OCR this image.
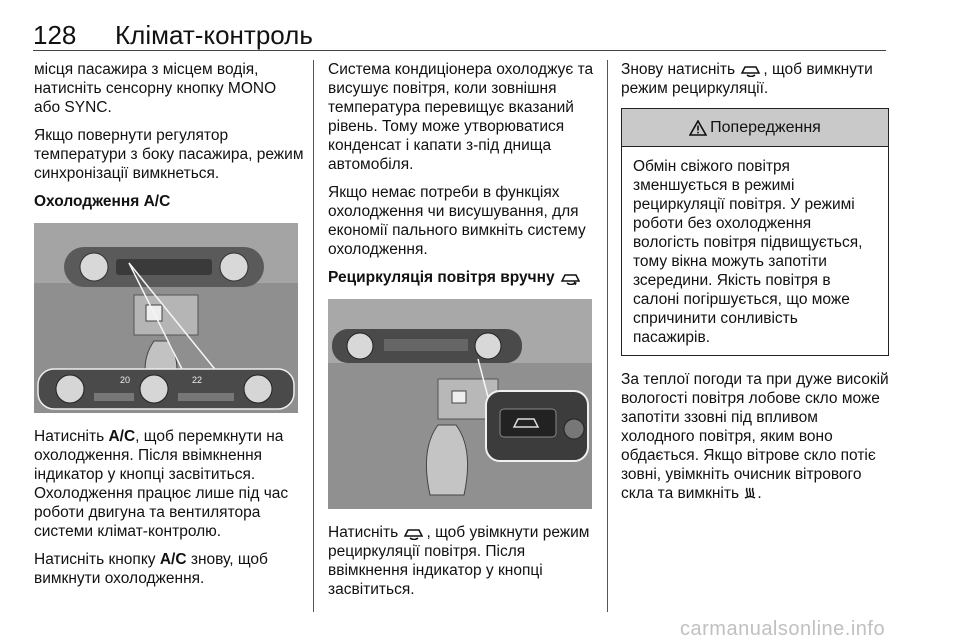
128 Клімат-контроль

місця пасажира з місцем водія, натисніть сенсорну кнопку MONO або SYNC.

Якщо повернути регулятор температури з боку пасажира, режим синхронізації вимкнеться.

Охолодження A/C
20	22

Натисніть A/C, щоб перемкнути на охолодження. Після ввімкнення індикатор у кнопці засвітиться. Охолодження працює лише під час роботи двигуна та вентилятора системи клімат-контролю.

Натисніть кнопку A/C знову, щоб вимкнути охолодження.

Система кондиціонера охолоджує та висушує повітря, коли зовнішня температура перевищує вказаний рівень. Тому може утворюватися конденсат і капати з-під днища автомобіля.

Якщо немає потреби в функціях охолодження чи висушування, для економії пального вимкніть систему охолодження.

Рециркуляція повітря вручну

Натисніть , щоб увімкнути режим рециркуляції повітря. Після ввімкнення індикатор у кнопці засвітиться.

Знову натисніть , щоб вимкнути режим рециркуляції.

Попередження
Обмін свіжого повітря зменшується в режимі рециркуляції повітря. У режимі роботи без охолодження вологість повітря підвищується, тому вікна можуть запотіти зсередини. Якість повітря в салоні погіршується, що може спричинити сонливість пасажирів.

За теплої погоди та при дуже високій вологості повітря лобове скло може запотіти ззовні під впливом холодного повітря, яким воно обдається. Якщо вітрове скло потіє зовні, увімкніть очисник вітрового скла та вимкніть .

carmanualsonline.info
